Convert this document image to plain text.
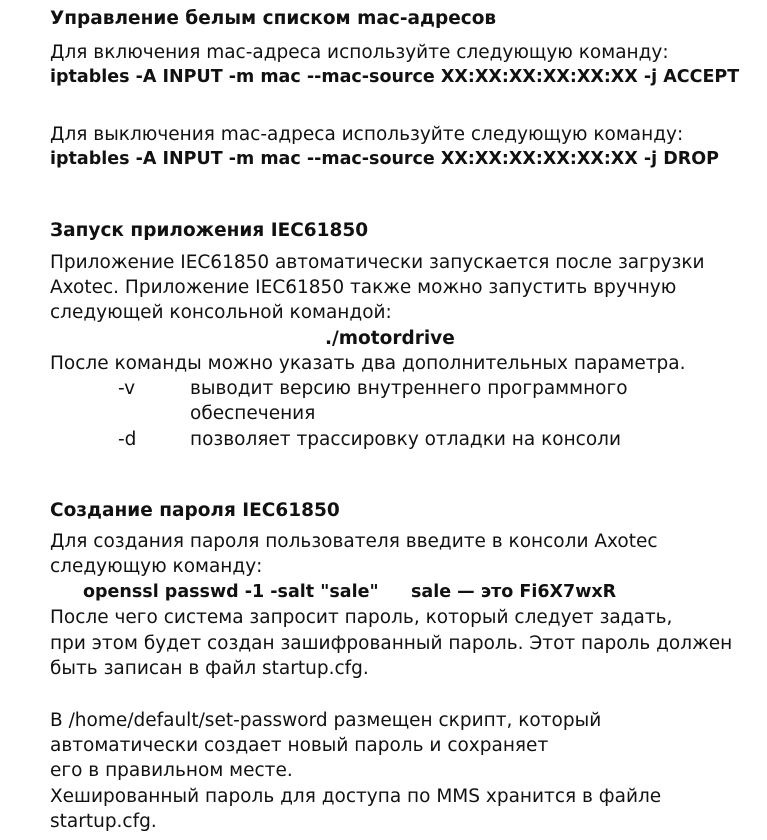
Управление белым списком mac-адресов
Для включения mac-адреса используйте следующую команду:
iptables -A INPUT -m mac --mac-source XX:XX:XX:XX:XX:XX -j ACCEPT
Для выключения mac-адреса используйте следующую команду:
iptables -A INPUT -m mac --mac-source XX:XX:XX:XX:XX:XX -j DROP
Запуск приложения IEC61850
Приложение IEC61850 автоматически запускается после загрузки
Axotec. Приложение IEC61850 также можно запустить вручную
следующей консольной командой:
./motordrive
После команды можно указать два дополнительных параметра.
-v	выводит версию внутреннего программного
обеспечения
-d	позволяет трассировку отладки на консоли
Создание пароля IEC61850
Для создания пароля пользователя введите в консоли Axotec
следующую команду:
openssl passwd -1 -salt "sale" sale — это Fi6X7wxR
После чего система запросит пароль, который следует задать,
при этом будет создан зашифрованный пароль. Этот пароль должен
быть записан в файл startup.cfg.
В /home/default/set-password размещен скрипт, который
автоматически создает новый пароль и сохраняет
его в правильном месте.
Хешированный пароль для доступа по MMS хранится в файле
startup.cfg.
